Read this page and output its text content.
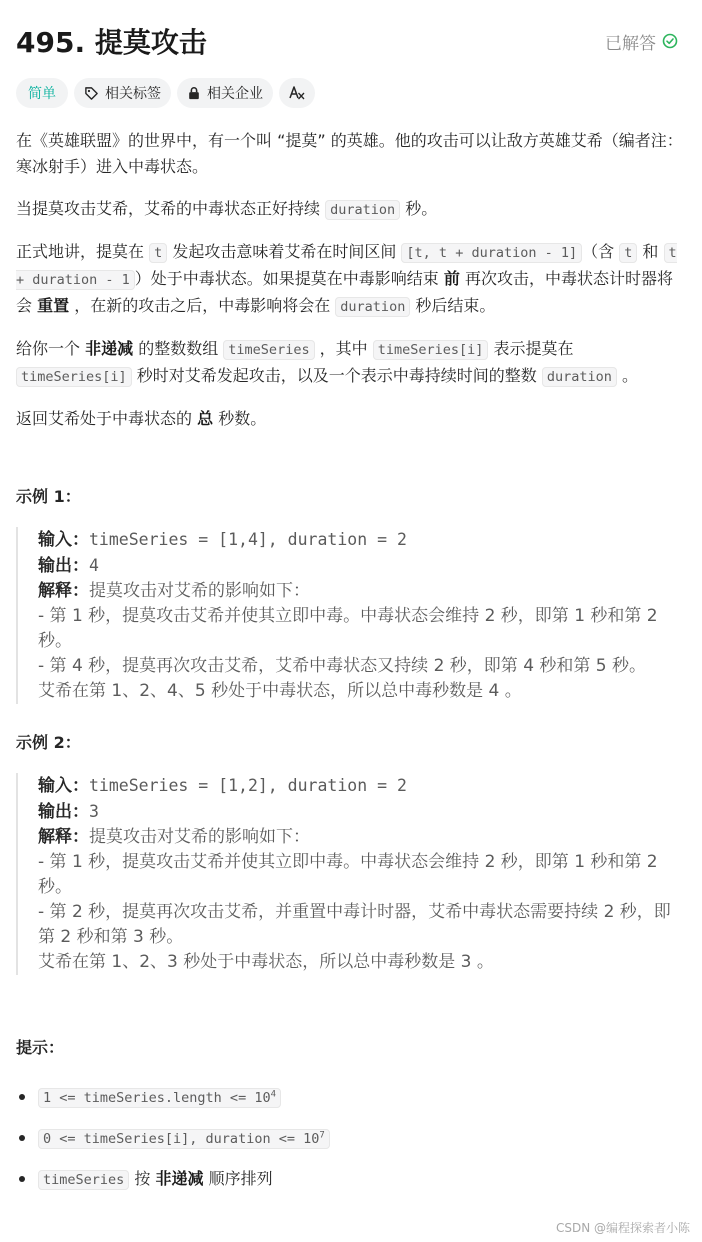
495. 提莫攻击	已解答
简单	相关标签	相关企业

在《英雄联盟》的世界中，有一个叫 “提莫” 的英雄。他的攻击可以让敌方英雄艾希（编者注：寒冰射手）进入中毒状态。

当提莫攻击艾希，艾希的中毒状态正好持续 duration 秒。

正式地讲，提莫在 t 发起攻击意味着艾希在时间区间 [t, t + duration - 1] （含 t 和 t + duration - 1 ）处于中毒状态。如果提莫在中毒影响结束 前 再次攻击，中毒状态计时器将会 重置 ，在新的攻击之后，中毒影响将会在 duration 秒后结束。

给你一个 非递减 的整数数组 timeSeries ，其中 timeSeries[i] 表示提莫在 timeSeries[i] 秒时对艾希发起攻击，以及一个表示中毒持续时间的整数 duration 。

返回艾希处于中毒状态的 总 秒数。

示例 1：
输入：timeSeries = [1,4], duration = 2
输出：4
解释：提莫攻击对艾希的影响如下：
- 第 1 秒，提莫攻击艾希并使其立即中毒。中毒状态会维持 2 秒，即第 1 秒和第 2 秒。
- 第 4 秒，提莫再次攻击艾希，艾希中毒状态又持续 2 秒，即第 4 秒和第 5 秒。
艾希在第 1、2、4、5 秒处于中毒状态，所以总中毒秒数是 4 。
示例 2：
输入：timeSeries = [1,2], duration = 2
输出：3
解释：提莫攻击对艾希的影响如下：
- 第 1 秒，提莫攻击艾希并使其立即中毒。中毒状态会维持 2 秒，即第 1 秒和第 2 秒。
- 第 2 秒，提莫再次攻击艾希，并重置中毒计时器，艾希中毒状态需要持续 2 秒，即第 2 秒和第 3 秒。
艾希在第 1、2、3 秒处于中毒状态，所以总中毒秒数是 3 。
提示：
1 <= timeSeries.length <= $10^4$
0 <= timeSeries[i], duration <= $10^7$
timeSeries 按 非递减 顺序排列
CSDN @编程探索者小陈
